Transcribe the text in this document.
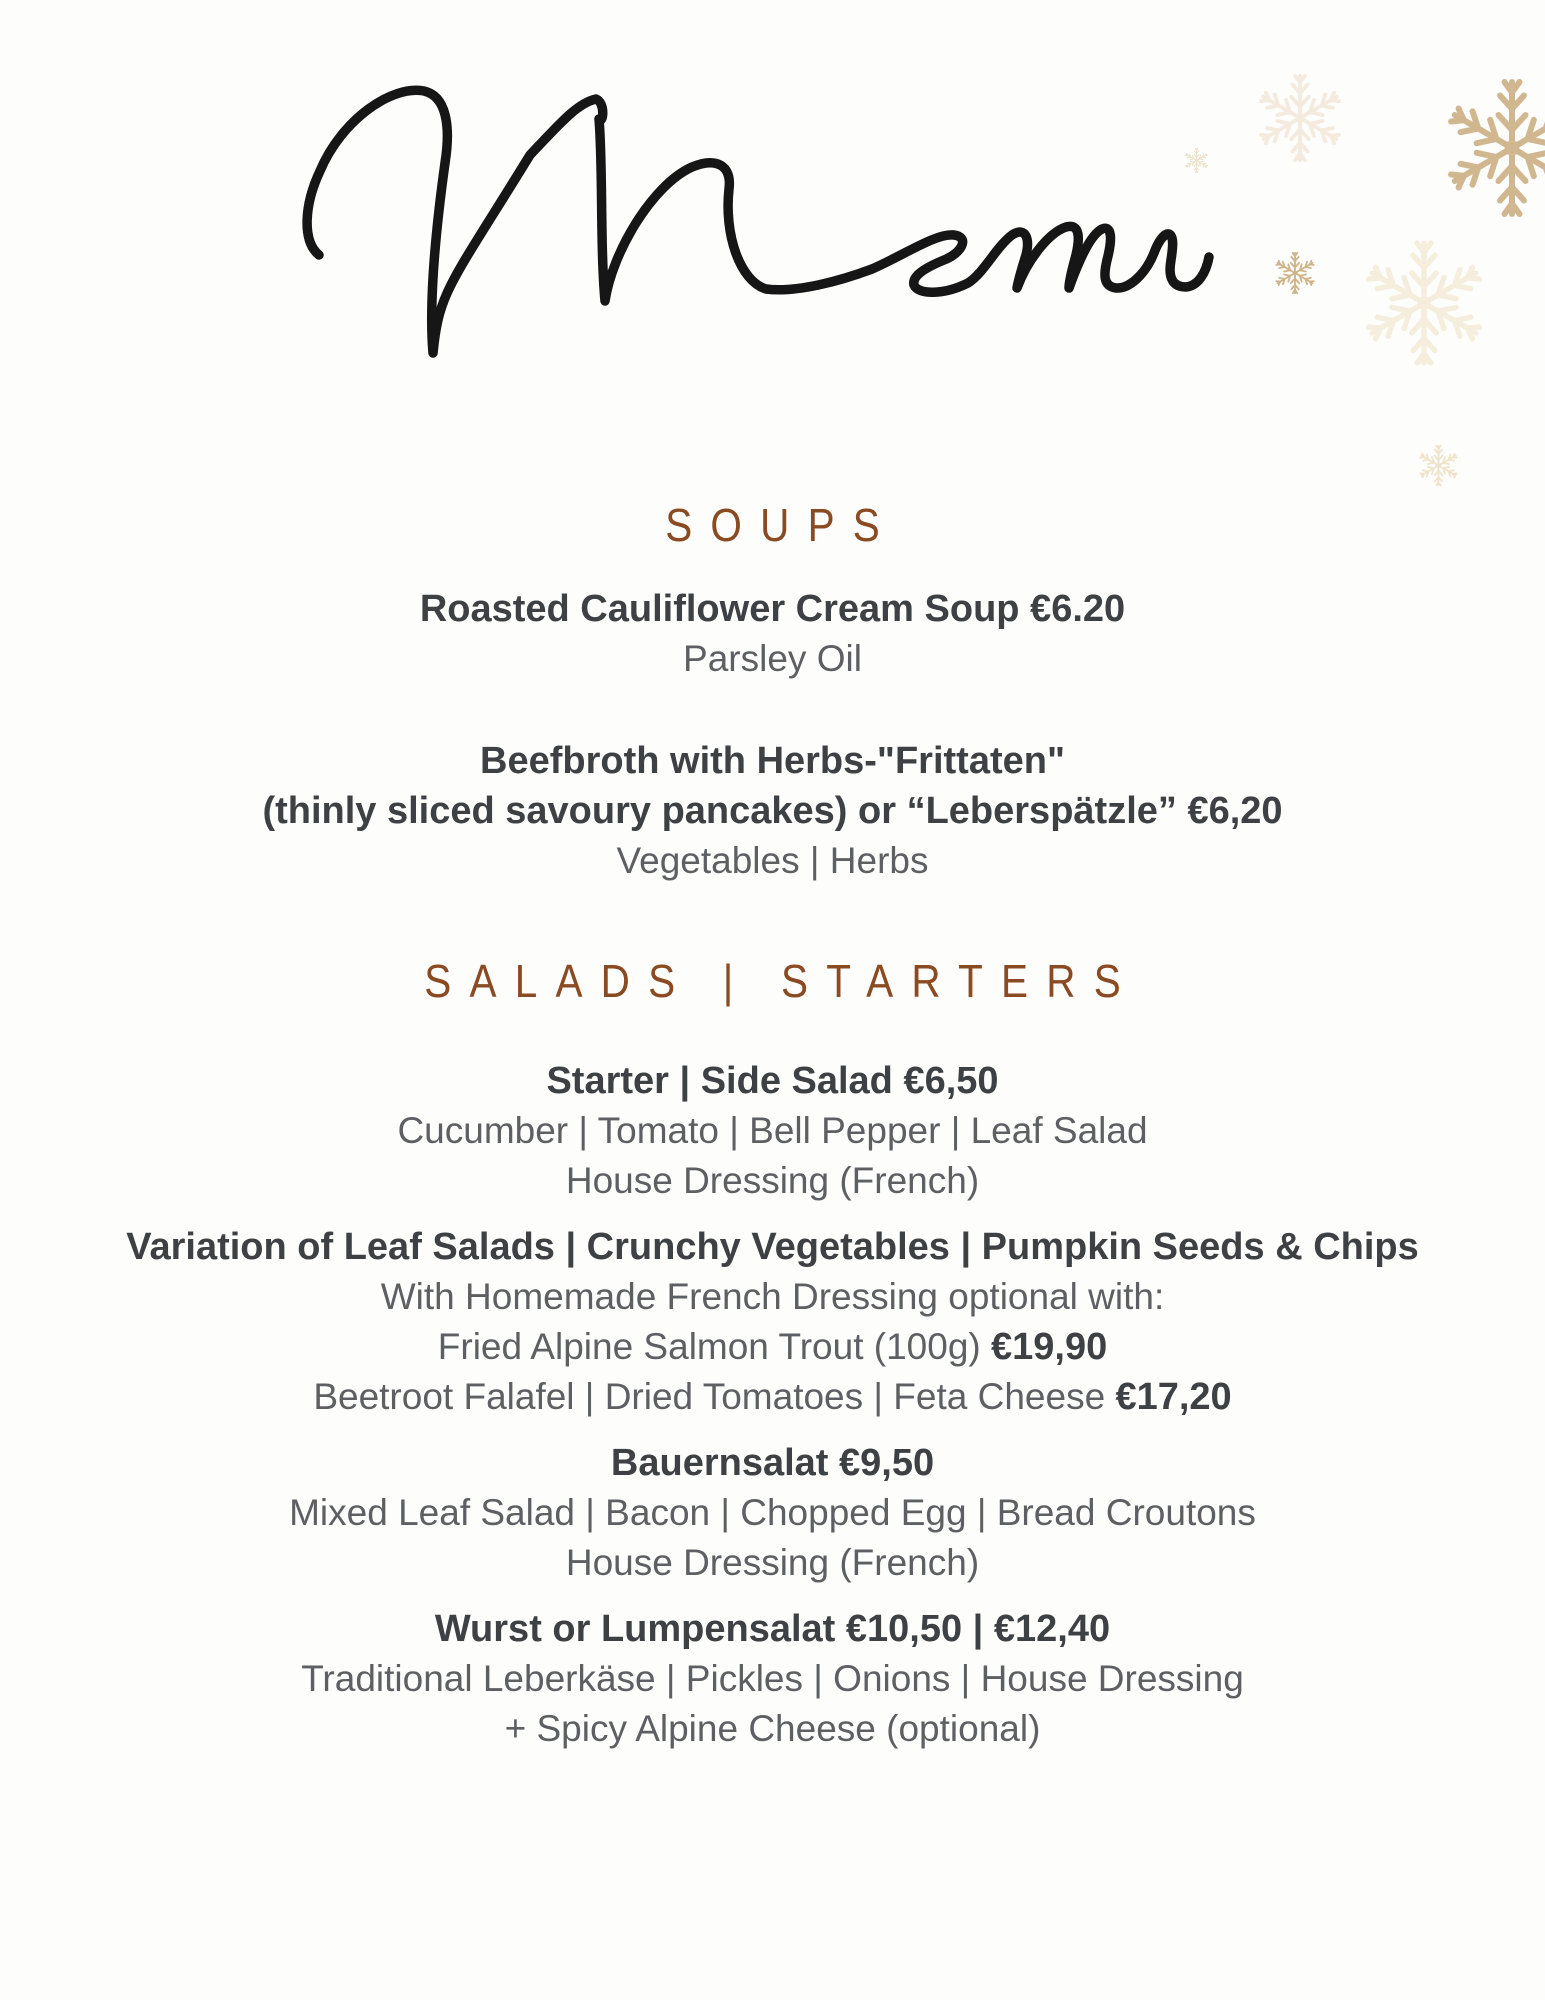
SOUPS
Roasted Cauliflower Cream Soup €6.20
Parsley Oil
Beefbroth with Herbs-"Frittaten"
(thinly sliced savoury pancakes) or “Leberspätzle” €6,20
Vegetables | Herbs
SALADS | STARTERS
Starter | Side Salad €6,50
Cucumber | Tomato | Bell Pepper | Leaf Salad
House Dressing (French)
Variation of Leaf Salads | Crunchy Vegetables | Pumpkin Seeds & Chips
With Homemade French Dressing optional with:
Fried Alpine Salmon Trout (100g) €19,90
Beetroot Falafel | Dried Tomatoes | Feta Cheese €17,20
Bauernsalat €9,50
Mixed Leaf Salad | Bacon | Chopped Egg | Bread Croutons
House Dressing (French)
Wurst or Lumpensalat €10,50 | €12,40
Traditional Leberkäse | Pickles | Onions | House Dressing
+ Spicy Alpine Cheese (optional)
